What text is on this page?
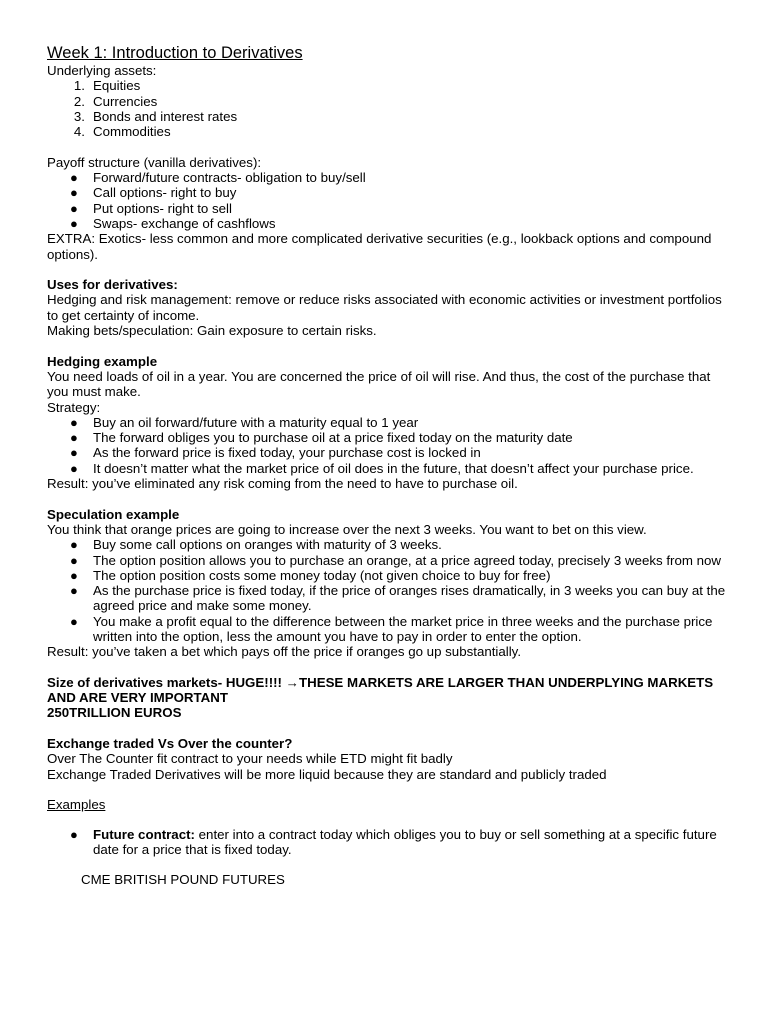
Week 1: Introduction to Derivatives

Underlying assets:

1. Equities
2. Currencies
3. Bonds and interest rates
4. Commodities

Payoff structure (vanilla derivatives):

● Forward/future contracts- obligation to buy/sell
● Call options- right to buy
● Put options- right to sell
● Swaps- exchange of cashflows

EXTRA: Exotics- less common and more complicated derivative securities (e.g., lookback options and compound options).

Uses for derivatives:

Hedging and risk management: remove or reduce risks associated with economic activities or investment portfolios to get certainty of income.

Making bets/speculation: Gain exposure to certain risks.

Hedging example

You need loads of oil in a year. You are concerned the price of oil will rise. And thus, the cost of the purchase that you must make.

Strategy:

● Buy an oil forward/future with a maturity equal to 1 year
● The forward obliges you to purchase oil at a price fixed today on the maturity date
● As the forward price is fixed today, your purchase cost is locked in
● It doesn’t matter what the market price of oil does in the future, that doesn’t affect your purchase price.

Result: you’ve eliminated any risk coming from the need to have to purchase oil.

Speculation example

You think that orange prices are going to increase over the next 3 weeks. You want to bet on this view.

● Buy some call options on oranges with maturity of 3 weeks.
● The option position allows you to purchase an orange, at a price agreed today, precisely 3 weeks from now
● The option position costs some money today (not given choice to buy for free)
● As the purchase price is fixed today, if the price of oranges rises dramatically, in 3 weeks you can buy at the agreed price and make some money.
● You make a profit equal to the difference between the market price in three weeks and the purchase price written into the option, less the amount you have to pay in order to enter the option.

Result: you’ve taken a bet which pays off the price if oranges go up substantially.

Size of derivatives markets- HUGE!!!! →THESE MARKETS ARE LARGER THAN UNDERPLYING MARKETS AND ARE VERY IMPORTANT

250TRILLION EUROS

Exchange traded Vs Over the counter?

Over The Counter fit contract to your needs while ETD might fit badly

Exchange Traded Derivatives will be more liquid because they are standard and publicly traded

Examples

● Future contract: enter into a contract today which obliges you to buy or sell something at a specific future date for a price that is fixed today.

CME BRITISH POUND FUTURES
